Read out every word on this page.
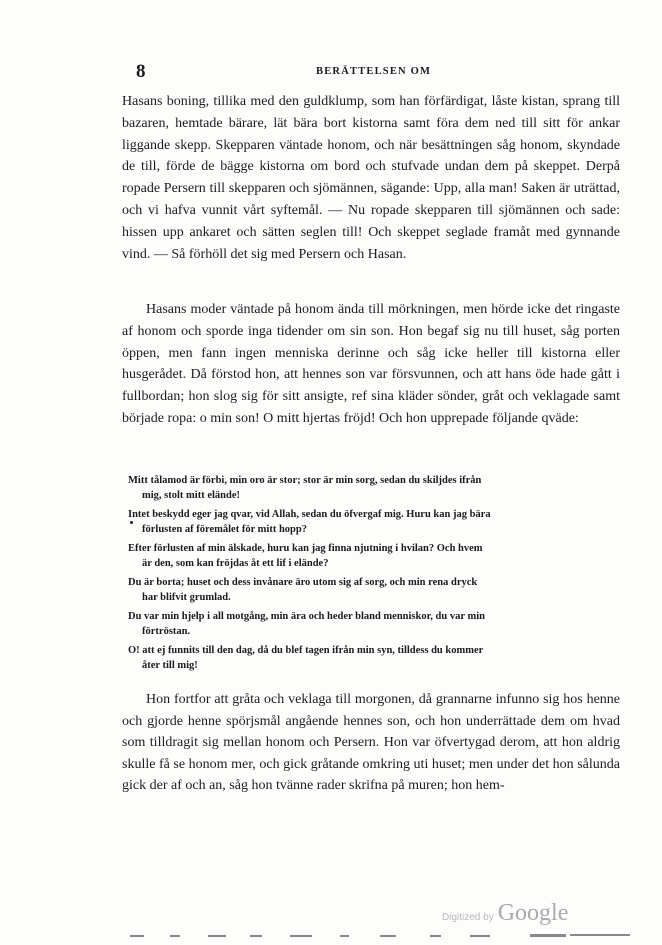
8	BERÄTTELSEN OM

Hasans boning, tillika med den guldklump, som han förfärdigat, låste kistan, sprang till bazaren, hemtade bärare, lät bära bort kistorna samt föra dem ned till sitt för ankar liggande skepp. Skepparen väntade honom, och när besättningen såg honom, skyndade de till, förde de bägge kistorna om bord och stufvade undan dem på skeppet. Derpå ropade Persern till skepparen och sjömännen, sägande: Upp, alla man! Saken är uträttad, och vi hafva vunnit vårt syftemål. — Nu ropade skepparen till sjömännen och sade: hissen upp ankaret och sätten seglen till! Och skeppet seglade framåt med gynnande vind. — Så förhöll det sig med Persern och Hasan.

Hasans moder väntade på honom ända till mörkningen, men hörde icke det ringaste af honom och sporde inga tidender om sin son. Hon begaf sig nu till huset, såg porten öppen, men fann ingen menniska derinne och såg icke heller till kistorna eller husgerådet. Då förstod hon, att hennes son var försvunnen, och att hans öde hade gått i fullbordan; hon slog sig för sitt ansigte, ref sina kläder sönder, gråt och veklagade samt började ropa: o min son! O mitt hjertas fröjd! Och hon upprepade följande qväde:

Mitt tålamod är förbi, min oro är stor; stor är min sorg, sedan du skiljdes ifrån
mig, stolt mitt elände!
Intet beskydd eger jag qvar, vid Allah, sedan du öfvergaf mig. Huru kan jag bära
förlusten af föremålet för mitt hopp?
Efter förlusten af min älskade, huru kan jag finna njutning i hvilan? Och hvem
är den, som kan fröjdas åt ett lif i elände?
Du är borta; huset och dess invånare äro utom sig af sorg, och min rena dryck
har blifvit grumlad.
Du var min hjelp i all motgång, min ära och heder bland menniskor, du var min
förtröstan.
O! att ej funnits till den dag, då du blef tagen ifrån min syn, tilldess du kommer
åter till mig!

Hon fortfor att gråta och veklaga till morgonen, då grannarne infunno sig hos henne och gjorde henne spörjsmål angående hennes son, och hon underrättade dem om hvad som tilldragit sig mellan honom och Persern. Hon var öfvertygad derom, att hon aldrig skulle få se honom mer, och gick gråtande omkring uti huset; men under det hon sålunda gick der af och an, såg hon tvänne rader skrifna på muren; hon hem-

Digitized by Google
